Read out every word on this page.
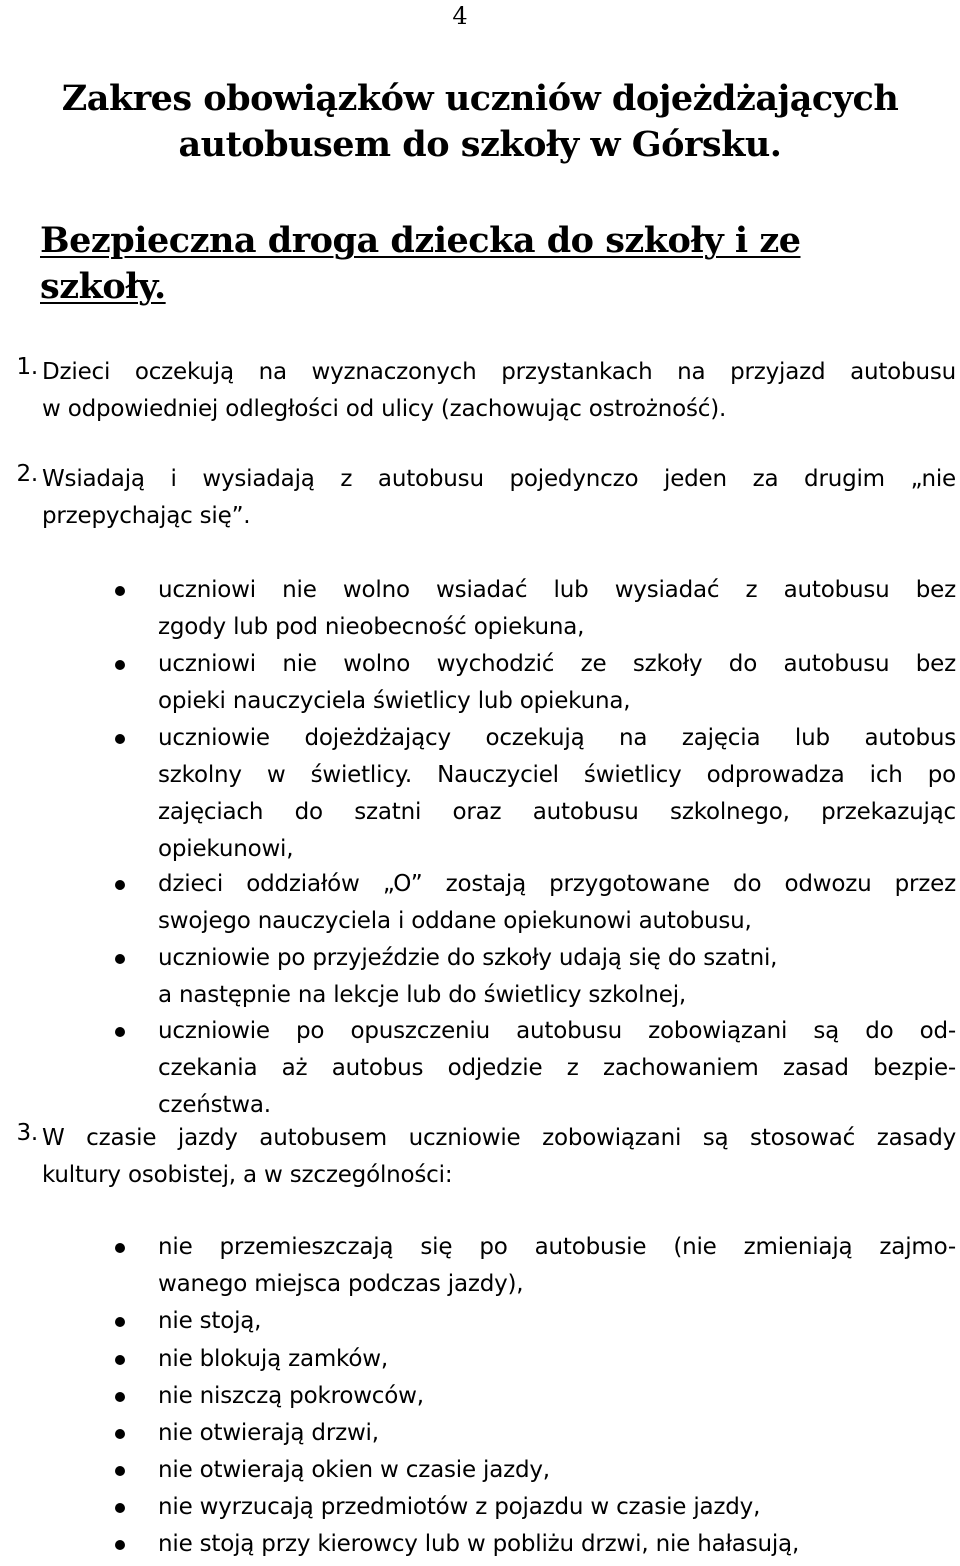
4
Zakres obowiązków uczniów dojeżdżających
autobusem do szkoły w Górsku.
Bezpieczna droga dziecka do szkoły i ze szkoły.
1. Dzieci oczekują na wyznaczonych przystankach na przyjazd autobusu
w odpowiedniej odległości od ulicy (zachowując ostrożność).
2. Wsiadają i wysiadają z autobusu pojedynczo jeden za drugim „nie
przepychając się”.
uczniowi nie wolno wsiadać lub wysiadać z autobusu bez
zgody lub pod nieobecność opiekuna,
uczniowi nie wolno wychodzić ze szkoły do autobusu bez
opieki nauczyciela świetlicy lub opiekuna,
uczniowie dojeżdżający oczekują na zajęcia lub autobus
szkolny w świetlicy. Nauczyciel świetlicy odprowadza ich po
zajęciach do szatni oraz autobusu szkolnego, przekazując
opiekunowi,
dzieci oddziałów „O” zostają przygotowane do odwozu przez
swojego nauczyciela i oddane opiekunowi autobusu,
uczniowie po przyjeździe do szkoły udają się do szatni,
a następnie na lekcje lub do świetlicy szkolnej,
uczniowie po opuszczeniu autobusu zobowiązani są do od-
czekania aż autobus odjedzie z zachowaniem zasad bezpie-
czeństwa.
3. W czasie jazdy autobusem uczniowie zobowiązani są stosować zasady
kultury osobistej, a w szczególności:
nie przemieszczają się po autobusie (nie zmieniają zajmo-
wanego miejsca podczas jazdy),
nie stoją,
nie blokują zamków,
nie niszczą pokrowców,
nie otwierają drzwi,
nie otwierają okien w czasie jazdy,
nie wyrzucają przedmiotów z pojazdu w czasie jazdy,
nie stoją przy kierowcy lub w pobliżu drzwi, nie hałasują,
